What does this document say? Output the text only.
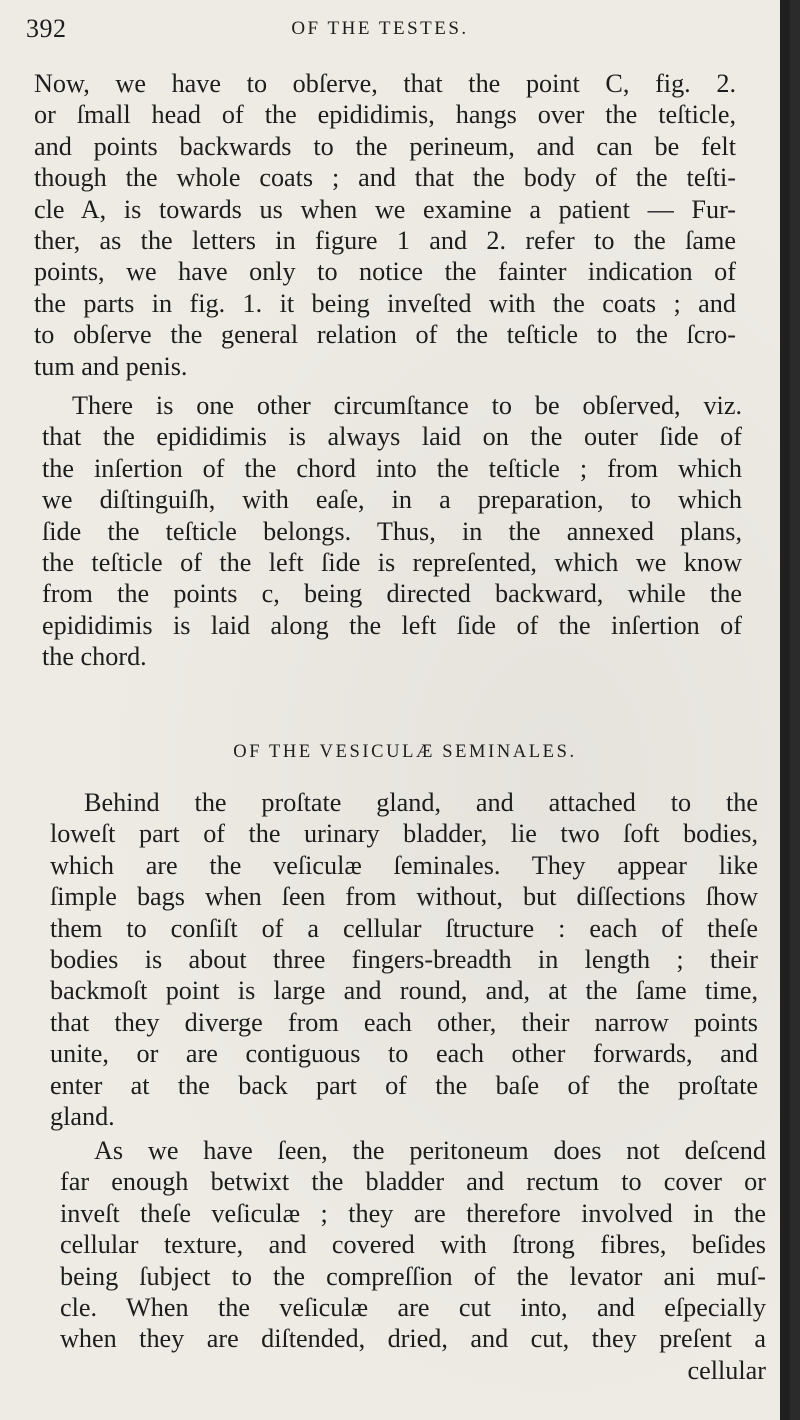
392	OF THE TESTES.
Now, we have to obſerve, that the point C, fig. 2.
or ſmall head of the epididimis, hangs over the teſticle,
and points backwards to the perineum, and can be felt
though the whole coats ; and that the body of the teſti-
cle A, is towards us when we examine a patient — Fur-
ther, as the letters in figure 1 and 2. refer to the ſame
points, we have only to notice the fainter indication of
the parts in fig. 1. it being inveſted with the coats ; and
to obſerve the general relation of the teſticle to the ſcro-
tum and penis.
There is one other circumſtance to be obſerved, viz.
that the epididimis is always laid on the outer ſide of
the inſertion of the chord into the teſticle ; from which
we diſtinguiſh, with eaſe, in a preparation, to which
ſide the teſticle belongs. Thus, in the annexed plans,
the teſticle of the left ſide is repreſented, which we know
from the points c, being directed backward, while the
epididimis is laid along the left ſide of the inſertion of
the chord.
OF THE VESICULÆ SEMINALES.
Behind the proſtate gland, and attached to the
loweſt part of the urinary bladder, lie two ſoft bodies,
which are the veſiculæ ſeminales. They appear like
ſimple bags when ſeen from without, but diſſections ſhow
them to conſiſt of a cellular ſtructure : each of theſe
bodies is about three fingers-breadth in length ; their
backmoſt point is large and round, and, at the ſame time,
that they diverge from each other, their narrow points
unite, or are contiguous to each other forwards, and
enter at the back part of the baſe of the proſtate
gland.
As we have ſeen, the peritoneum does not deſcend
far enough betwixt the bladder and rectum to cover or
inveſt theſe veſiculæ ; they are therefore involved in the
cellular texture, and covered with ſtrong fibres, beſides
being ſubject to the compreſſion of the levator ani muſ-
cle. When the veſiculæ are cut into, and eſpecially
when they are diſtended, dried, and cut, they preſent a
cellular
